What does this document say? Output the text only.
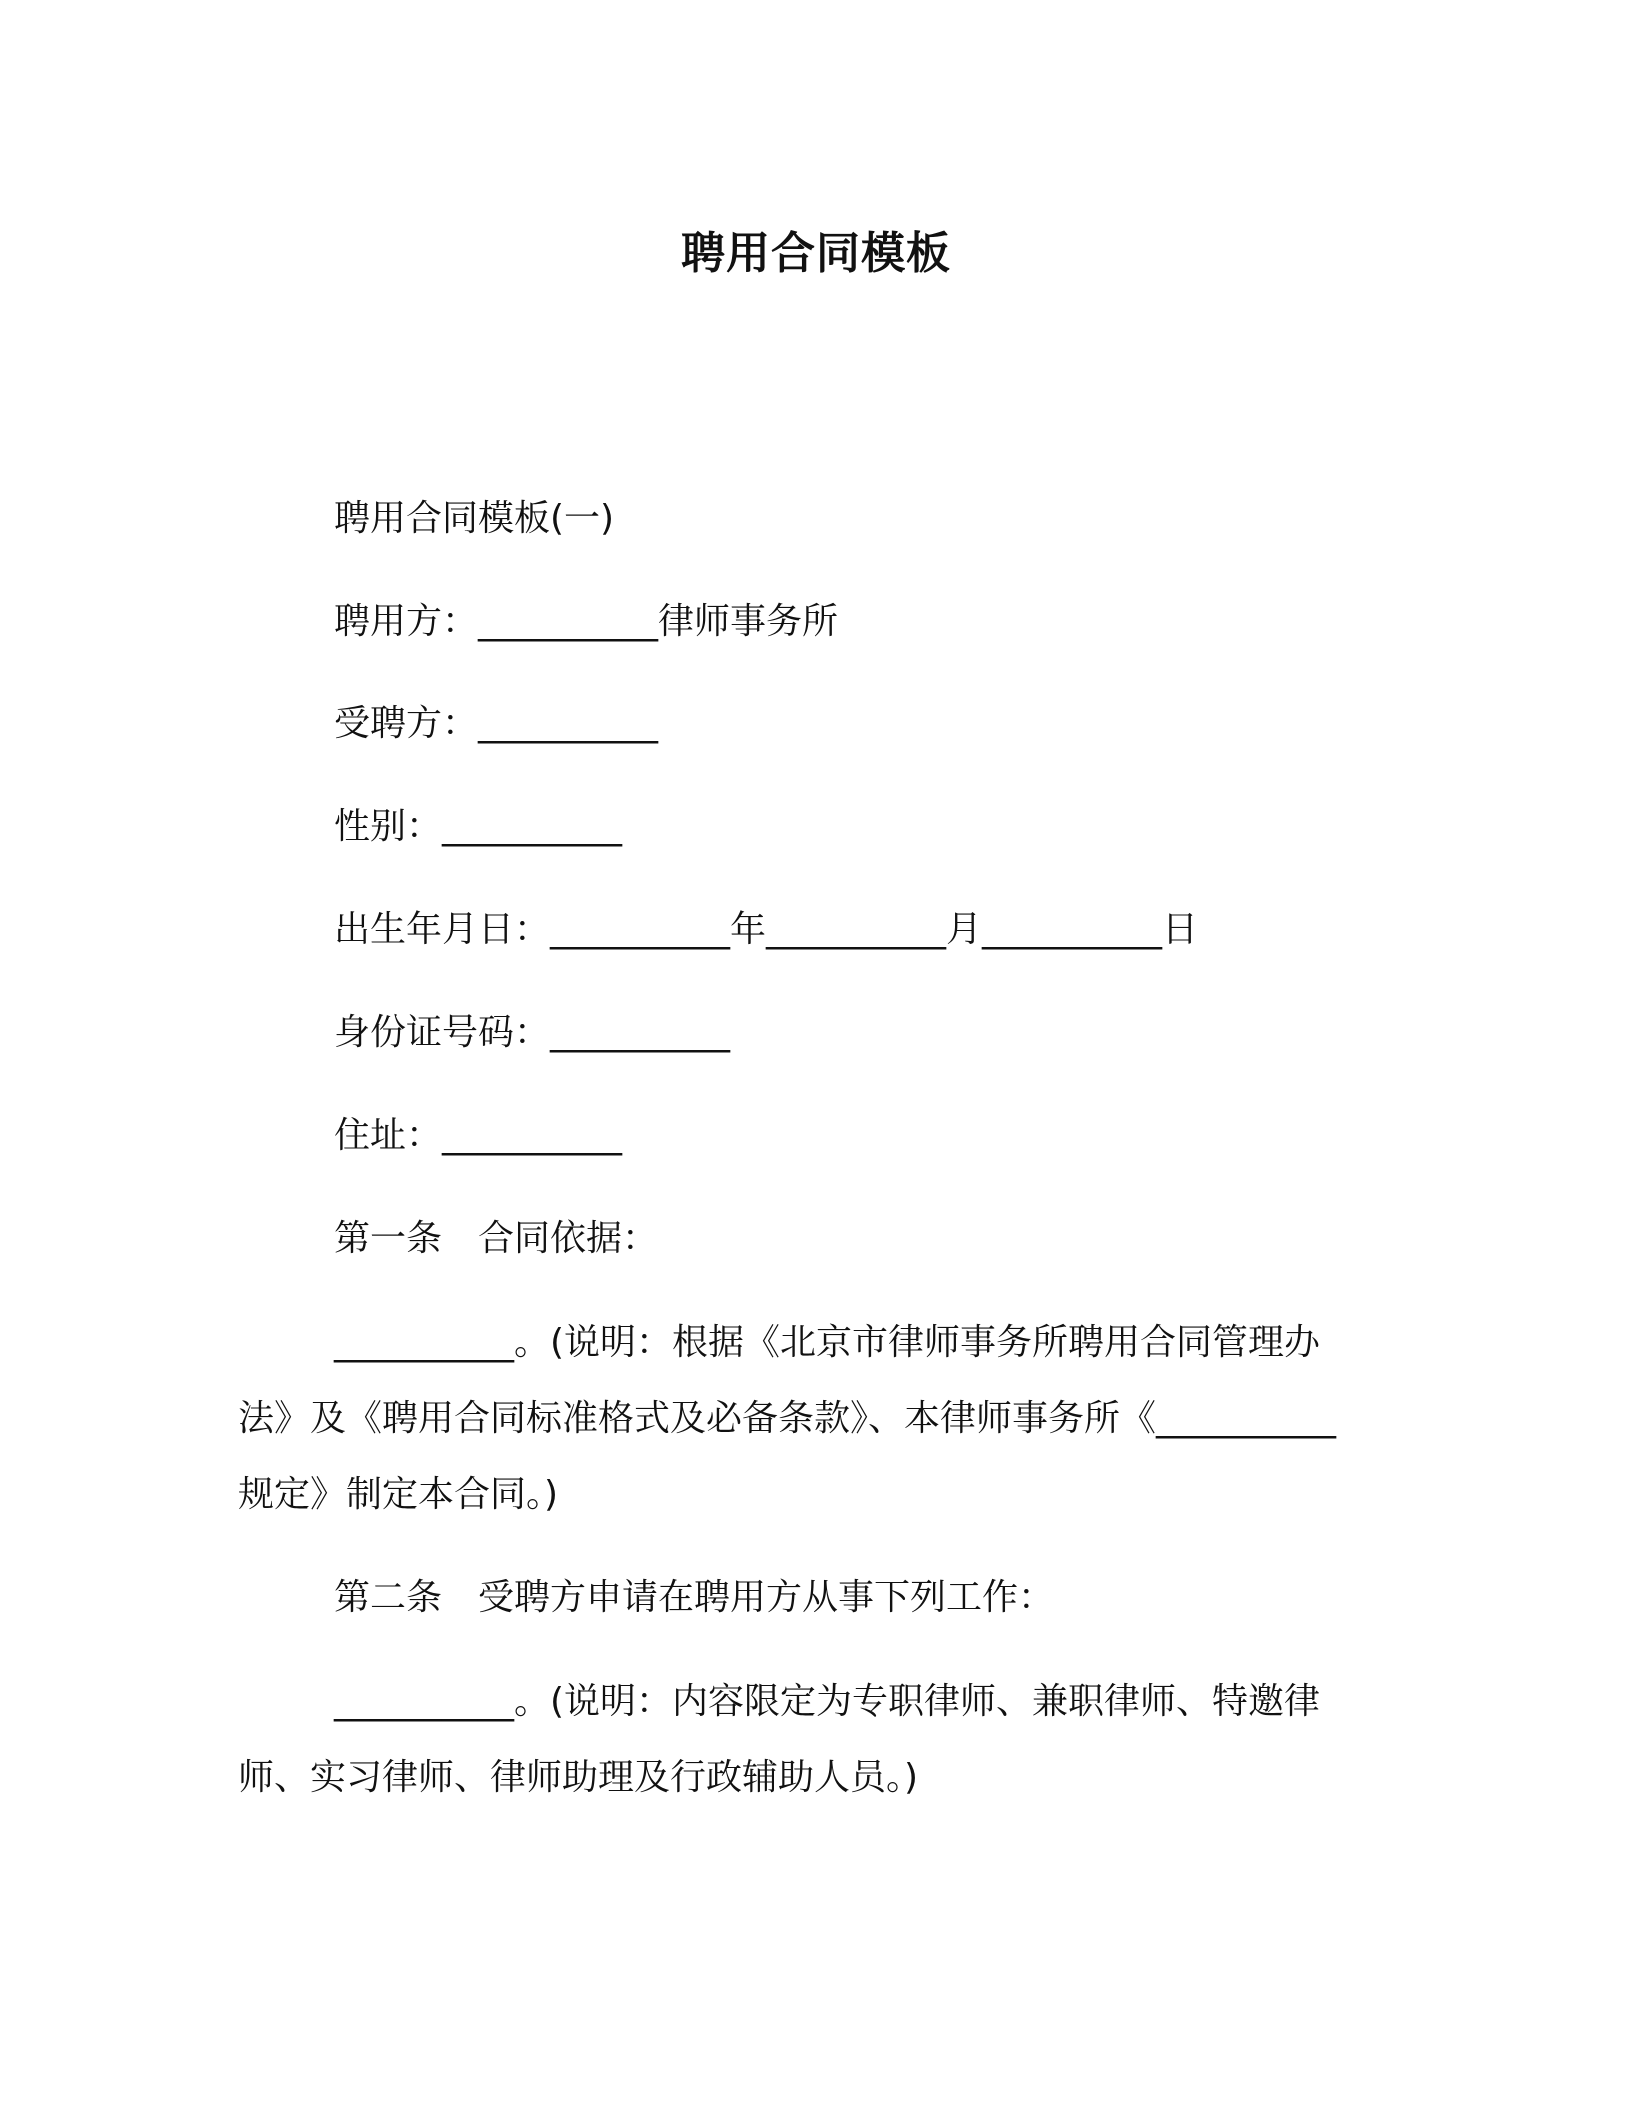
聘用合同模板
聘用合同模板(一)
聘用方：__________律师事务所
受聘方：__________
性别：__________
出生年月日：__________年__________月__________日
身份证号码：__________
住址：__________
第一条　合同依据：
__________。(说明：根据《北京市律师事务所聘用合同管理办法》及《聘用合同标准格式及必备条款》、本律师事务所《__________规定》制定本合同。)
第二条　受聘方申请在聘用方从事下列工作：
__________。(说明：内容限定为专职律师、兼职律师、特邀律师、实习律师、律师助理及行政辅助人员。)
